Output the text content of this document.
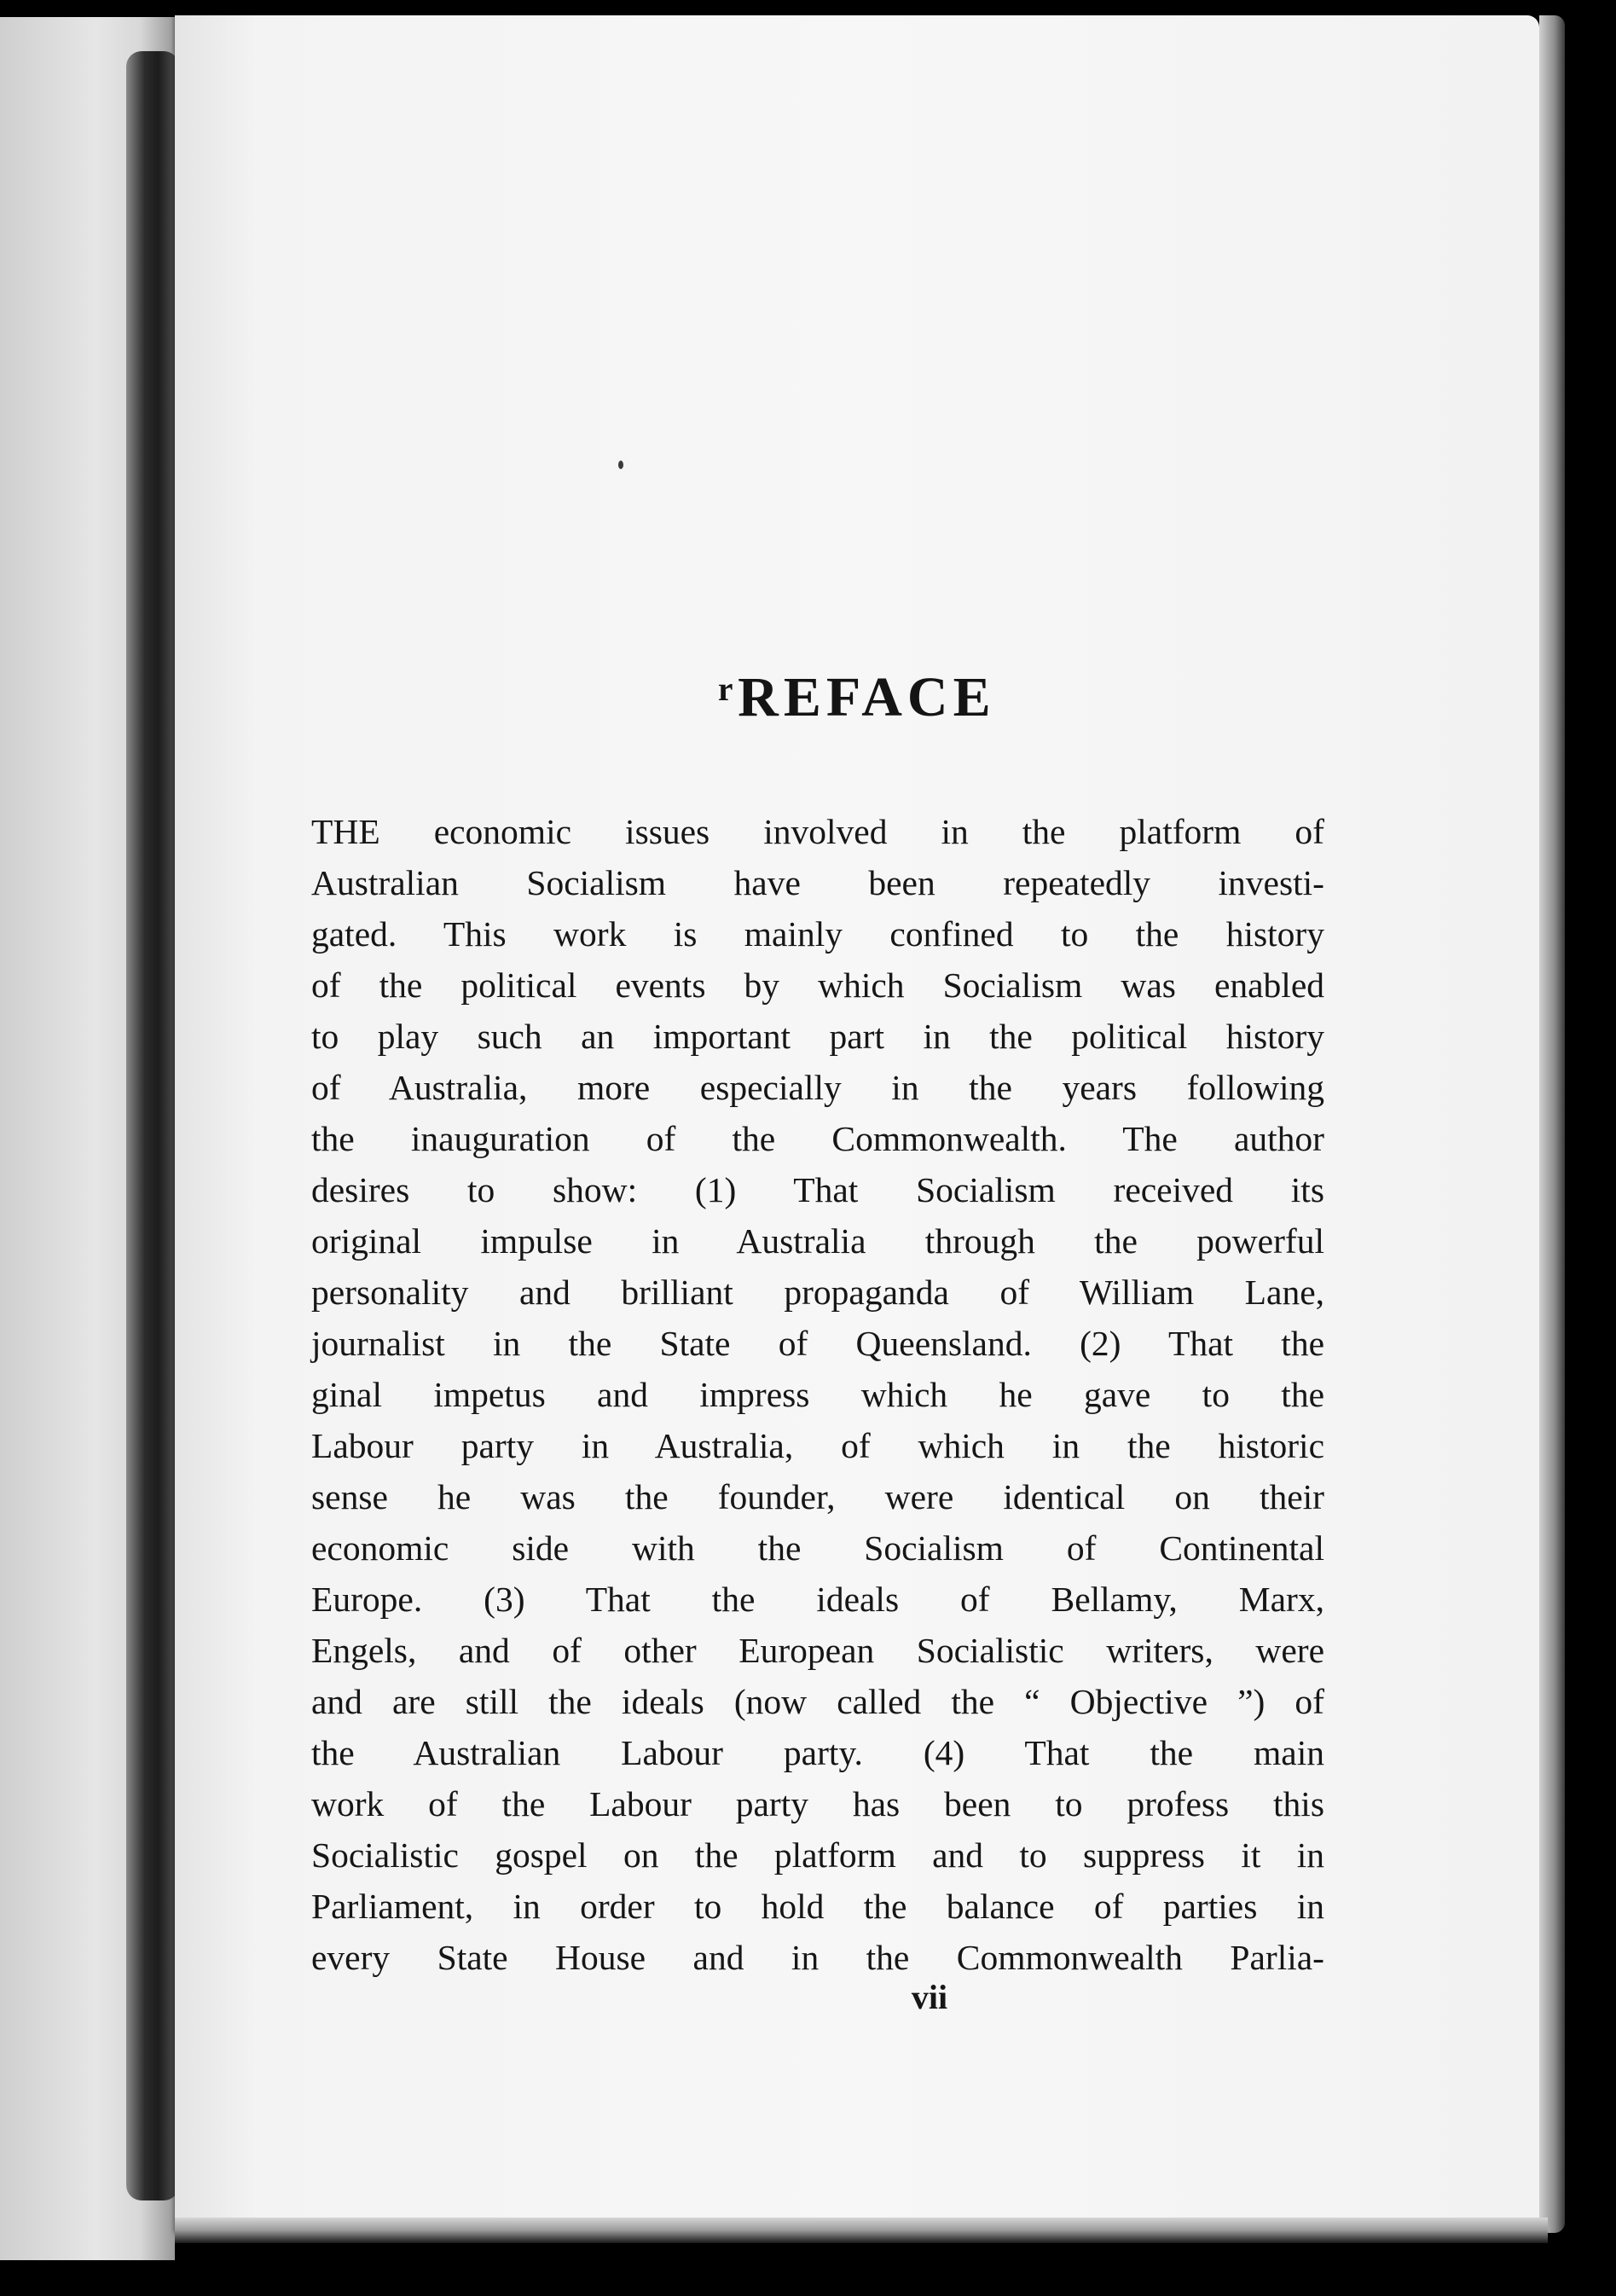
ʳREFACE
THE economic issues involved in the platform of
Australian Socialism have been repeatedly investi-
gated. This work is mainly confined to the history
of the political events by which Socialism was enabled
to play such an important part in the political history
of Australia, more especially in the years following
the inauguration of the Commonwealth. The author
desires to show: (1) That Socialism received its
original impulse in Australia through the powerful
personality and brilliant propaganda of William Lane,
journalist in the State of Queensland. (2) That the
ginal impetus and impress which he gave to the
Labour party in Australia, of which in the historic
sense he was the founder, were identical on their
economic side with the Socialism of Continental
Europe. (3) That the ideals of Bellamy, Marx,
Engels, and of other European Socialistic writers, were
and are still the ideals (now called the “ Objective ”) of
the Australian Labour party. (4) That the main
work of the Labour party has been to profess this
Socialistic gospel on the platform and to suppress it in
Parliament, in order to hold the balance of parties in
every State House and in the Commonwealth Parlia-
vii
